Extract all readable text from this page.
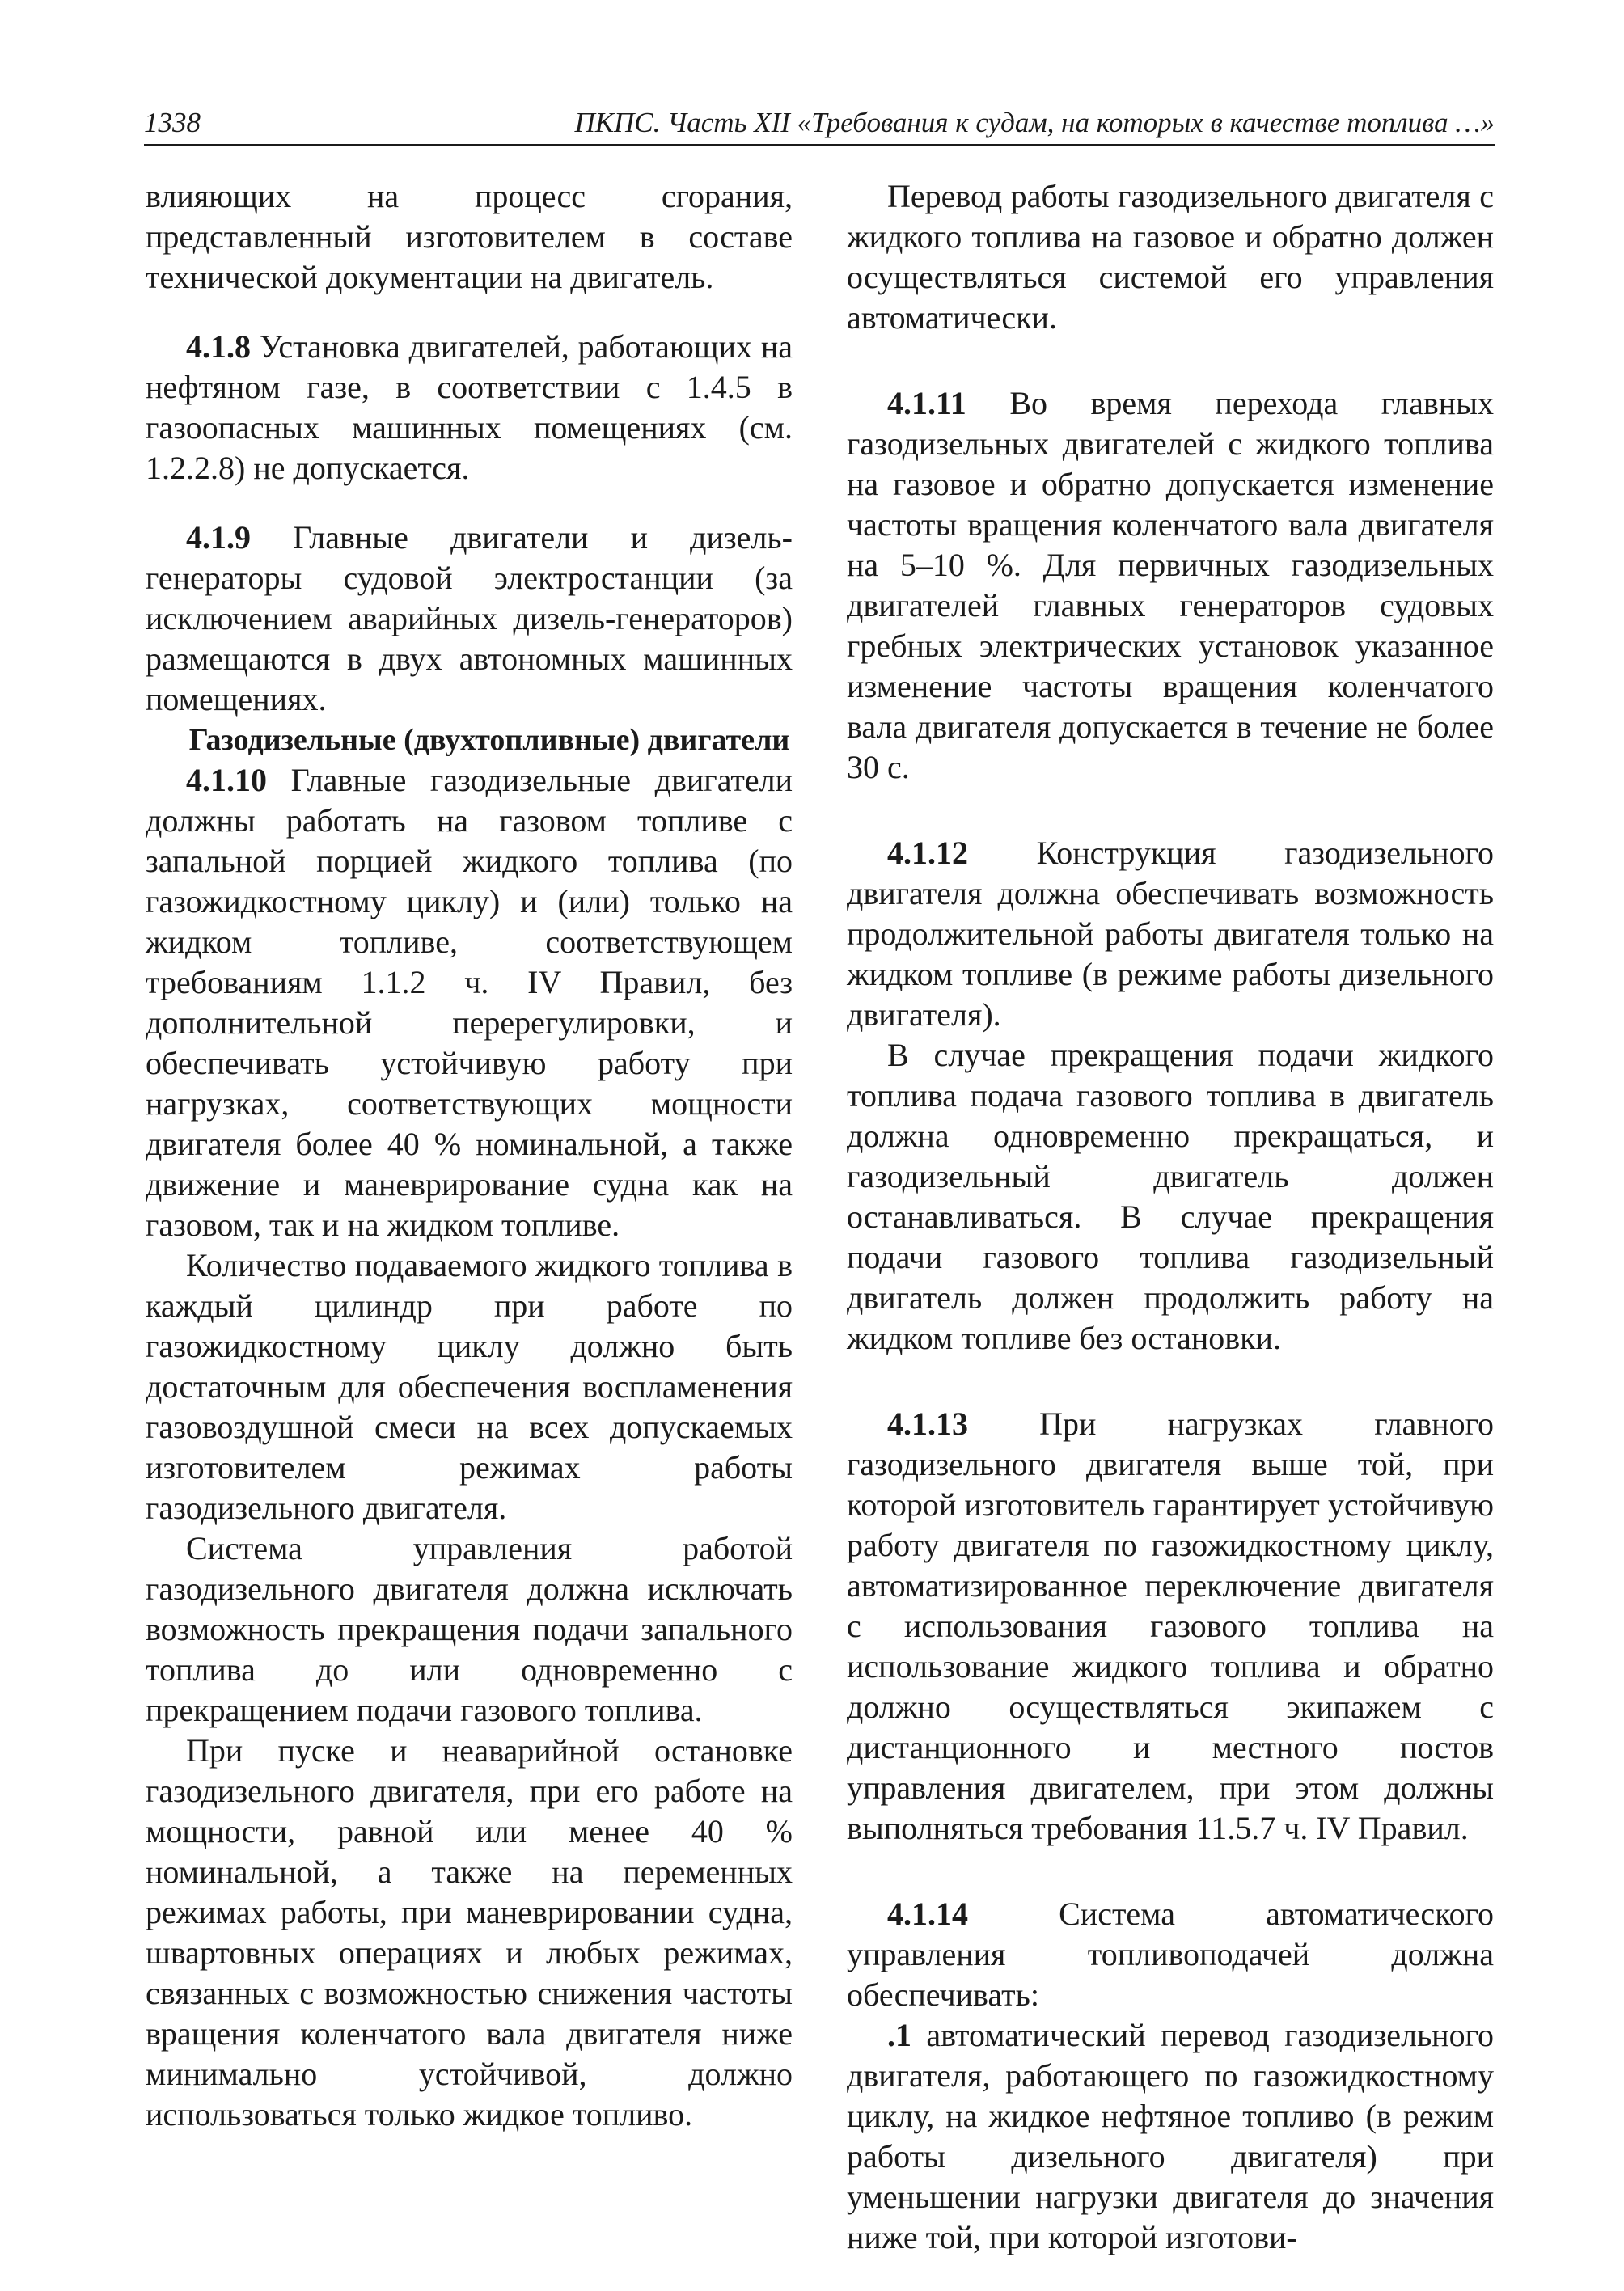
1338	ПКПС. Часть XII «Требования к судам, на которых в качестве топлива …»

влияющих на процесс сгорания, представленный изготовителем в составе технической документации на двигатель.

4.1.8 Установка двигателей, работающих на нефтяном газе, в соответствии с 1.4.5 в газоопасных машинных помещениях (см. 1.2.2.8) не допускается.

4.1.9 Главные двигатели и дизель-генераторы судовой электростанции (за исключением аварийных дизель-генераторов) размещаются в двух автономных машинных помещениях.

Газодизельные (двухтопливные) двигатели

4.1.10 Главные газодизельные двигатели должны работать на газовом топливе с запальной порцией жидкого топлива (по газожидкостному циклу) и (или) только на жидком топливе, соответствующем требованиям 1.1.2 ч. IV Правил, без дополнительной перерегулировки, и обеспечивать устойчивую работу при нагрузках, соответствующих мощности двигателя более 40 % номинальной, а также движение и маневрирование судна как на газовом, так и на жидком топливе.

Количество подаваемого жидкого топлива в каждый цилиндр при работе по газожидкостному циклу должно быть достаточным для обеспечения воспламенения газовоздушной смеси на всех допускаемых изготовителем режимах работы газодизельного двигателя.

Система управления работой газодизельного двигателя должна исключать возможность прекращения подачи запального топлива до или одновременно с прекращением подачи газового топлива.

При пуске и неаварийной остановке газодизельного двигателя, при его работе на мощности, равной или менее 40 % номинальной, а также на переменных режимах работы, при маневрировании судна, швартовных операциях и любых режимах, связанных с возможностью снижения частоты вращения коленчатого вала двигателя ниже минимально устойчивой, должно использоваться только жидкое топливо.

Перевод работы газодизельного двигателя с жидкого топлива на газовое и обратно должен осуществляться системой его управления автоматически.

4.1.11 Во время перехода главных газодизельных двигателей с жидкого топлива на газовое и обратно допускается изменение частоты вращения коленчатого вала двигателя на 5–10 %. Для первичных газодизельных двигателей главных генераторов судовых гребных электрических установок указанное изменение частоты вращения коленчатого вала двигателя допускается в течение не более 30 с.

4.1.12 Конструкция газодизельного двигателя должна обеспечивать возможность продолжительной работы двигателя только на жидком топливе (в режиме работы дизельного двигателя).

В случае прекращения подачи жидкого топлива подача газового топлива в двигатель должна одновременно прекращаться, и газодизельный двигатель должен останавливаться. В случае прекращения подачи газового топлива газодизельный двигатель должен продолжить работу на жидком топливе без остановки.

4.1.13 При нагрузках главного газодизельного двигателя выше той, при которой изготовитель гарантирует устойчивую работу двигателя по газожидкостному циклу, автоматизированное переключение двигателя с использования газового топлива на использование жидкого топлива и обратно должно осуществляться экипажем с дистанционного и местного постов управления двигателем, при этом должны выполняться требования 11.5.7 ч. IV Правил.

4.1.14	Система автоматического управления топливоподачей должна обеспечивать:

.1 автоматический перевод газодизельного двигателя, работающего по газожидкостному циклу, на жидкое нефтяное топливо (в режим работы дизельного двигателя) при уменьшении нагрузки двигателя до значения ниже той, при которой изготови-
